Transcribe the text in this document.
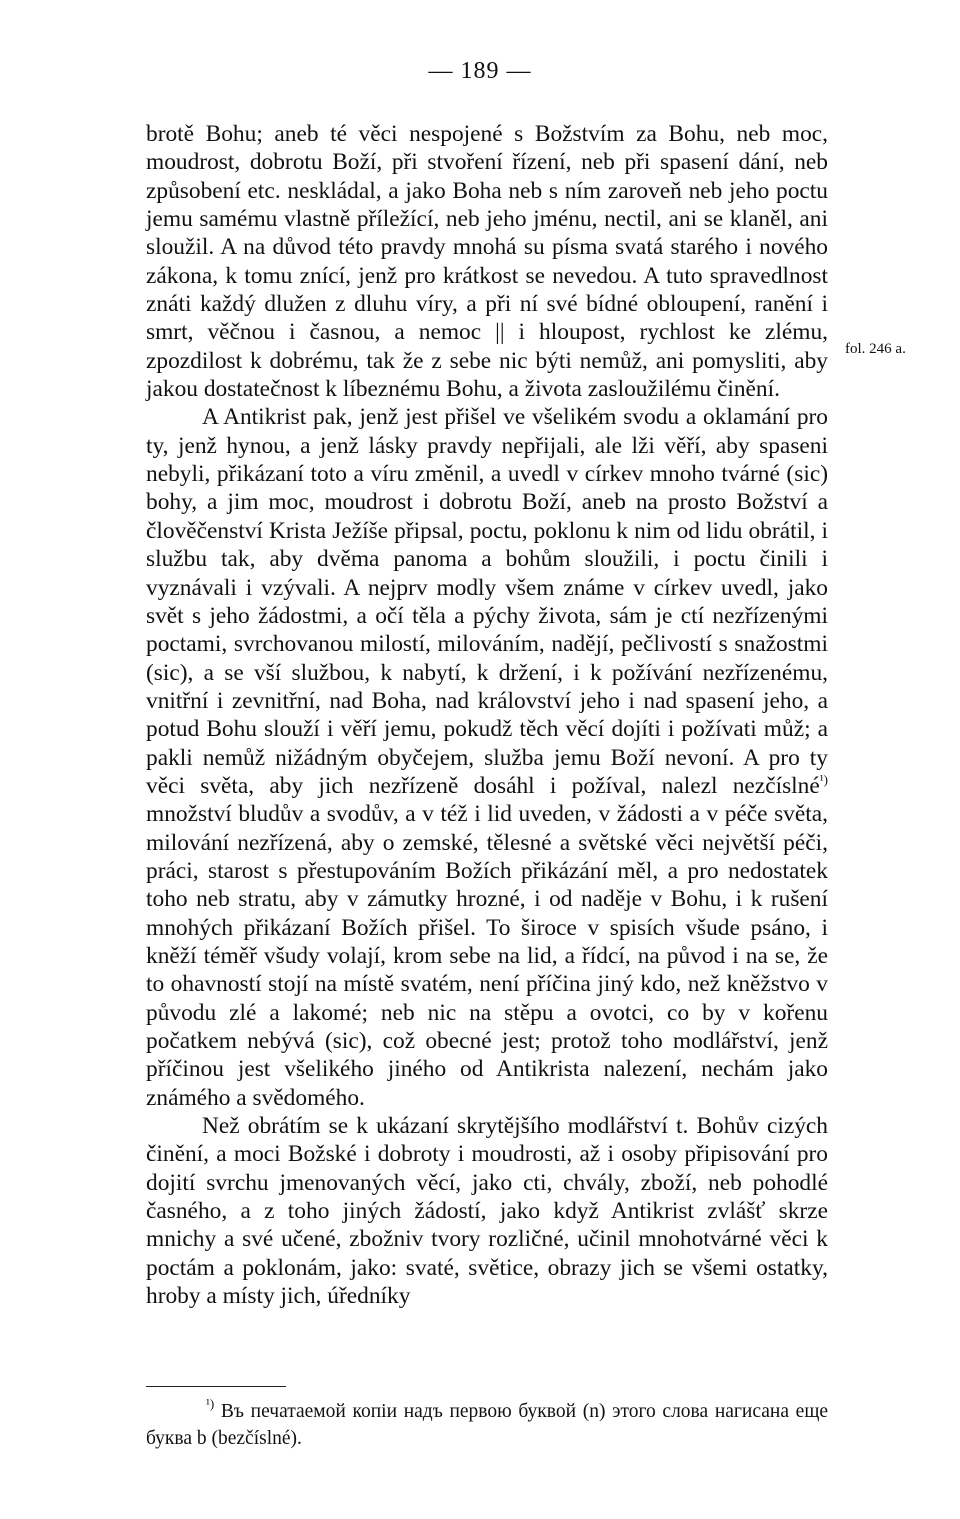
— 189 —
fol. 246 a.

brotě Bohu; aneb té věci nespojené s Božstvím za Bohu, neb moc, moudrost, dobrotu Boží, při stvoření řízení, neb při spasení dání, neb způsobení etc. neskládal, a jako Boha neb s ním zaroveň neb jeho poctu jemu samému vlastně příležící, neb jeho jménu, nectil, ani se klaněl, ani sloužil. A na důvod této pravdy mnohá su písma svatá starého i nového zákona, k tomu znící, jenž pro krátkost se nevedou. A tuto spravedlnost znáti každý dlužen z dluhu víry, a při ní své bídné obloupení, ranění i smrt, věčnou i časnou, a nemoc || i hloupost, rychlost ke zlému, zpozdilost k dobrému, tak že z sebe nic býti nemůž, ani pomysliti, aby jakou dostatečnost k líbeznému Bohu, a života zasloužilému činění.

A Antikrist pak, jenž jest přišel ve všelikém svodu a oklamání pro ty, jenž hynou, a jenž lásky pravdy nepřijali, ale lži věří, aby spaseni nebyli, přikázaní toto a víru změnil, a uvedl v církev mnoho tvárné (sic) bohy, a jim moc, moudrost i dobrotu Boží, aneb na prosto Božství a člověčenství Krista Ježíše připsal, poctu, poklonu k nim od lidu obrátil, i službu tak, aby dvěma panoma a bohům sloužili, i poctu činili i vyznávali i vzývali. A nejprv modly všem známe v církev uvedl, jako svět s jeho žádostmi, a očí těla a pýchy života, sám je ctí nezřízenými poctami, svrchovanou milostí, milováním, nadějí, pečlivostí s snažostmi (sic), a se vší službou, k nabytí, k držení, i k požívání nezřízenému, vnitřní i zevnitřní, nad Boha, nad království jeho i nad spasení jeho, a potud Bohu slouží i věří jemu, pokudž těch věcí dojíti i požívati můž; a pakli nemůž nižádným obyčejem, služba jemu Boží nevoní. A pro ty věci světa, aby jich nezřízeně dosáhl i požíval, nalezl nezčíslné$^{^1)}$ množství bludův a svodův, a v též i lid uveden, v žádosti a v péče světa, milování nezřízená, aby o zemské, tělesné a světské věci největší péči, práci, starost s přestupováním Božích přikázání měl, a pro nedostatek toho neb stratu, aby v zámutky hrozné, i od naděje v Bohu, i k rušení mnohých přikázaní Božích přišel. To široce v spisích všude psáno, i kněží téměř všudy volají, krom sebe na lid, a řídcí, na původ i na se, že to ohavností stojí na místě svatém, není příčina jiný kdo, než kněžstvo v původu zlé a lakomé; neb nic na stěpu a ovotci, co by v kořenu počatkem nebývá (sic), což obecné jest; protož toho modlářství, jenž příčinou jest všelikého jiného od Antikrista nalezení, nechám jako známého a svědomého.

Než obrátím se k ukázaní skrytějšího modlářství t. Bohův cizých činění, a moci Božské i dobroty i moudrosti, až i osoby připisování pro dojití svrchu jmenovaných věcí, jako cti, chvály, zboží, neb pohodlé časného, a z toho jiných žádostí, jako když Antikrist zvlášť skrze mnichy a své učené, zbožniv tvory rozličné, učinil mnohotvárné věci k poctám a poklonám, jako: svaté, světice, obrazy jich se všemi ostatky, hroby a místy jich, úředníky

$^{^1)}$ Въ печатаемой копіи надъ первою буквой (n) этого слова нагисана еще буква b (bezčíslné).
